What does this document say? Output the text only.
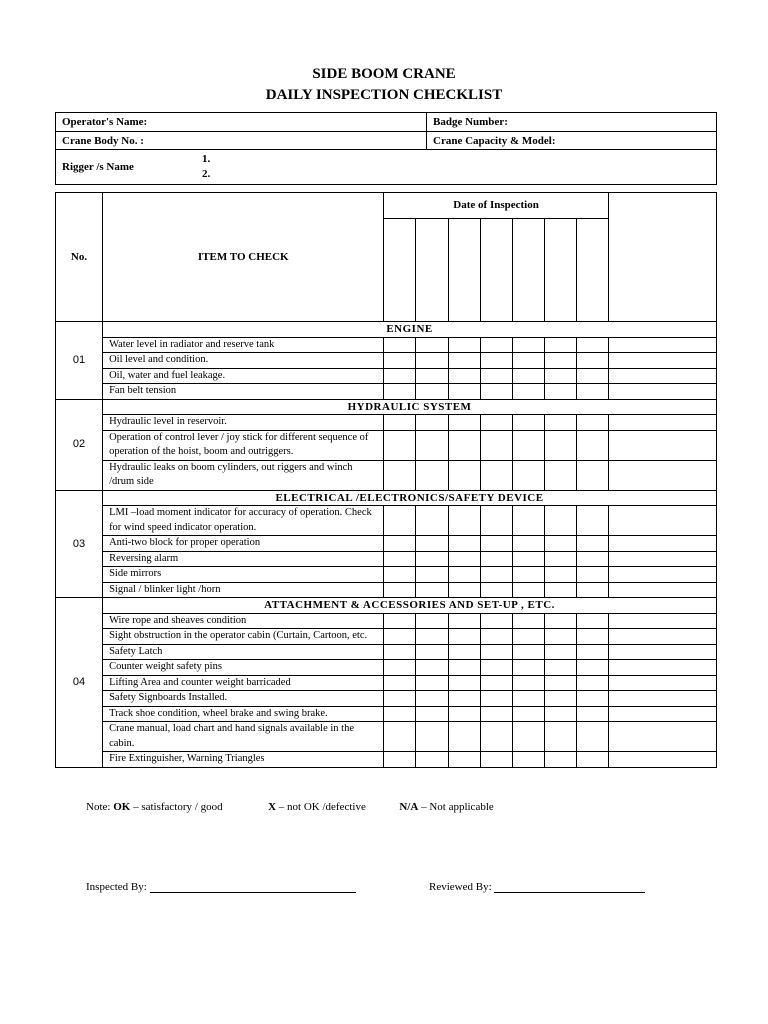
SIDE BOOM CRANE
DAILY INSPECTION CHECKLIST
Operator's Name:	Badge Number:
Crane Body No. :	Crane Capacity & Model:

Rigger /s Name
1.
2.	
No.	ITEM TO CHECK	Date of Inspection							

01	ENGINE								
	Water level in radiator and reserve tank								
	Oil level and condition.								
	Oil, water and fuel leakage.								
	Fan belt tension								
02	HYDRAULIC SYSTEM								
	Hydraulic level in reservoir.								
	Operation of control lever / joy stick for different sequence of operation of the hoist, boom and outriggers.								
	Hydraulic leaks on boom cylinders, out riggers and winch /drum side								
03	ELECTRICAL /ELECTRONICS/SAFETY DEVICE								
	LMI –load moment indicator for accuracy of operation. Check for wind speed indicator operation.								
	Anti-two block for proper operation								
	Reversing alarm								
	Side mirrors								
	Signal / blinker light /horn								
04	ATTACHMENT & ACCESSORIES AND SET-UP , ETC.								
	Wire rope and sheaves condition								
	Sight obstruction in the operator cabin (Curtain, Cartoon, etc.								
	Safety Latch								
	Counter weight safety pins								
	Lifting Area and counter weight barricaded								
	Safety Signboards Installed.								
	Track shoe condition, wheel brake and swing brake.								
	Crane manual, load chart and hand signals available in the cabin.								
	Fire Extinguisher, Warning Triangles								
Note: OK – satisfactory / good	X – not OK /defective	N/A – Not applicable
Inspected By:	Reviewed By:
